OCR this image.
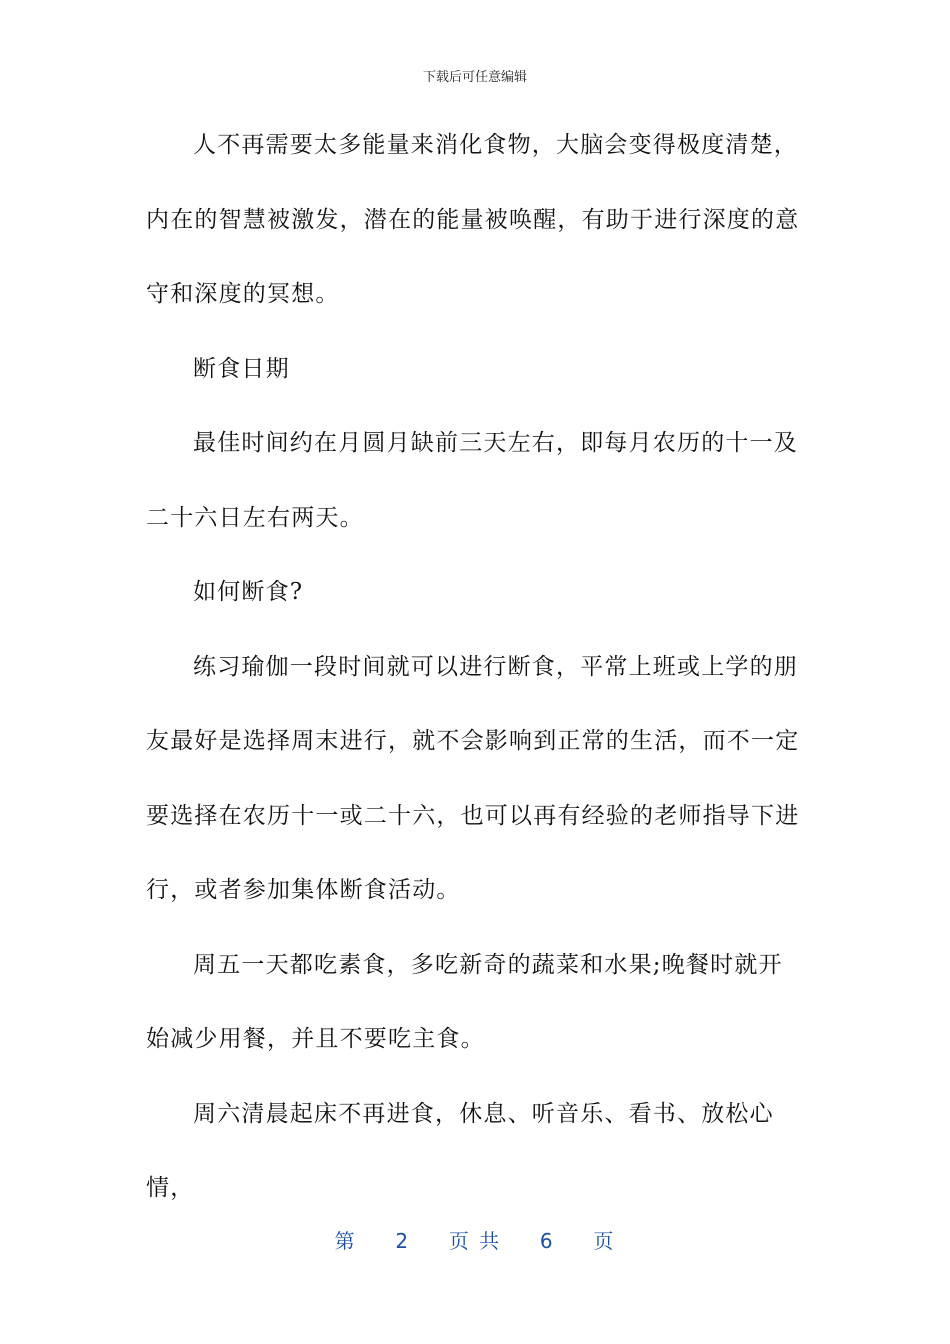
下载后可任意编辑

人不再需要太多能量来消化食物，大脑会变得极度清楚，内在的智慧被激发，潜在的能量被唤醒，有助于进行深度的意守和深度的冥想。

断食日期

最佳时间约在月圆月缺前三天左右，即每月农历的十一及二十六日左右两天。

如何断食?

练习瑜伽一段时间就可以进行断食，平常上班或上学的朋友最好是选择周末进行，就不会影响到正常的生活，而不一定要选择在农历十一或二十六，也可以再有经验的老师指导下进行，或者参加集体断食活动。

周五一天都吃素食，多吃新奇的蔬菜和水果;晚餐时就开始减少用餐，并且不要吃主食。

周六清晨起床不再进食，休息、听音乐、看书、放松心情，

第 2 页 共 6 页
